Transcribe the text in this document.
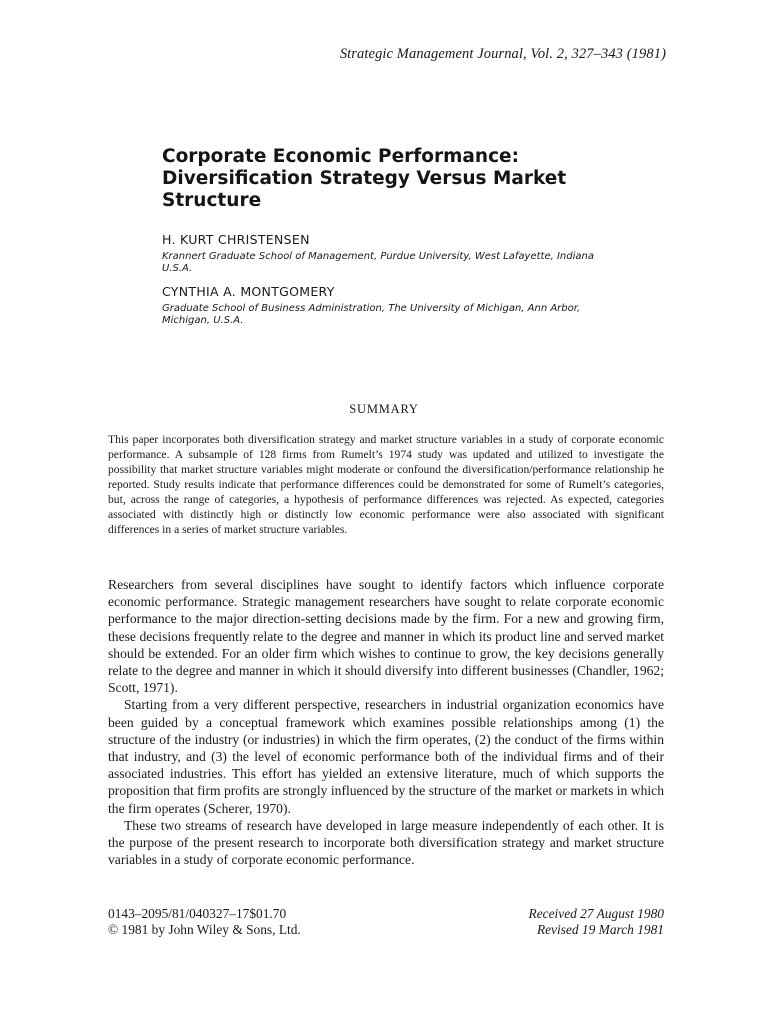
Strategic Management Journal, Vol. 2, 327–343 (1981)
Corporate Economic Performance:
Diversification Strategy Versus Market
Structure

H. KURT CHRISTENSEN

Krannert Graduate School of Management, Purdue University, West Lafayette, Indiana
U.S.A.

CYNTHIA A. MONTGOMERY

Graduate School of Business Administration, The University of Michigan, Ann Arbor,
Michigan, U.S.A.

SUMMARY

This paper incorporates both diversification strategy and market structure variables in a study of corporate economic performance. A subsample of 128 firms from Rumelt’s 1974 study was updated and utilized to investigate the possibility that market structure variables might moderate or confound the diversification/performance relationship he reported. Study results indicate that performance differences could be demonstrated for some of Rumelt’s categories, but, across the range of categories, a hypothesis of performance differences was rejected. As expected, categories associated with distinctly high or distinctly low economic performance were also associated with significant differences in a series of market structure variables.

Researchers from several disciplines have sought to identify factors which influence corporate economic performance. Strategic management researchers have sought to relate corporate economic performance to the major direction-setting decisions made by the firm. For a new and growing firm, these decisions frequently relate to the degree and manner in which its product line and served market should be extended. For an older firm which wishes to continue to grow, the key decisions generally relate to the degree and manner in which it should diversify into different businesses (Chandler, 1962; Scott, 1971).

Starting from a very different perspective, researchers in industrial organization economics have been guided by a conceptual framework which examines possible relationships among (1) the structure of the industry (or industries) in which the firm operates, (2) the conduct of the firms within that industry, and (3) the level of economic performance both of the individual firms and of their associated industries. This effort has yielded an extensive literature, much of which supports the proposition that firm profits are strongly influenced by the structure of the market or markets in which the firm operates (Scherer, 1970).

These two streams of research have developed in large measure independently of each other. It is the purpose of the present research to incorporate both diversification strategy and market structure variables in a study of corporate economic performance.

0143–2095/81/040327–17$01.70	Received 27 August 1980
© 1981 by John Wiley & Sons, Ltd.	Revised 19 March 1981
